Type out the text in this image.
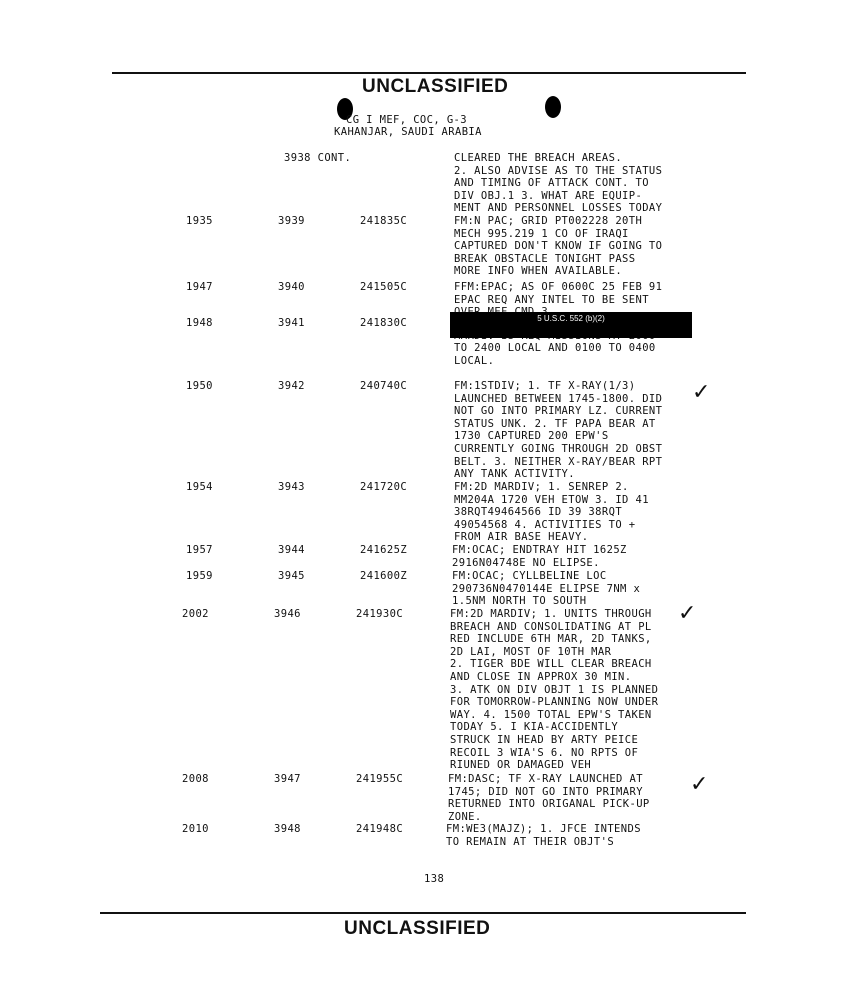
UNCLASSIFIED
CG I MEF, COC, G-3
KAHANJAR, SAUDI ARABIA
3938 CONT.	CLEARED THE BREACH AREAS.
2. ALSO ADVISE AS TO THE STATUS
AND TIMING OF ATTACK CONT. TO
DIV OBJ.1 3. WHAT ARE EQUIP-
MENT AND PERSONNEL LOSSES TODAY
1935	3939	241835C	FM:N PAC; GRID PT002228 20TH
MECH 995.219 1 CO OF IRAQI
CAPTURED DON'T KNOW IF GOING TO
BREAK OBSTACLE TONIGHT PASS
MORE INFO WHEN AVAILABLE.
1947	3940	241505C	FFM:EPAC; AS OF 0600C 25 FEB 91
EPAC REQ ANY INTEL TO BE SENT
1948	3941	241830C
TO 2400 LOCAL AND 0100 TO 0400
LOCAL.
1950	3942	240740C	FM:1STDIV; 1. TF X-RAY(1/3)
LAUNCHED BETWEEN 1745-1800. DID
NOT GO INTO PRIMARY LZ. CURRENT
STATUS UNK. 2. TF PAPA BEAR AT
1730 CAPTURED 200 EPW'S
CURRENTLY GOING THROUGH 2D OBST
BELT. 3. NEITHER X-RAY/BEAR RPT
ANY TANK ACTIVITY.
1954	3943	241720C	FM:2D MARDIV; 1. SENREP 2.
MM204A 1720 VEH ETOW 3. ID 41
38RQT49464566 ID 39 38RQT
49054568 4. ACTIVITIES TO +
FROM AIR BASE HEAVY.
1957	3944	241625Z	FM:OCAC; ENDTRAY HIT 1625Z
2916N04748E NO ELIPSE.
1959	3945	241600Z	FM:OCAC; CYLLBELINE LOC
290736N0470144E ELIPSE 7NM x
1.5NM NORTH TO SOUTH
2002	3946	241930C	FM:2D MARDIV; 1. UNITS THROUGH
BREACH AND CONSOLIDATING AT PL
RED INCLUDE 6TH MAR, 2D TANKS,
2D LAI, MOST OF 10TH MAR
2. TIGER BDE WILL CLEAR BREACH
AND CLOSE IN APPROX 30 MIN.
3. ATK ON DIV OBJT 1 IS PLANNED
FOR TOMORROW-PLANNING NOW UNDER
WAY. 4. 1500 TOTAL EPW'S TAKEN
TODAY 5. I KIA-ACCIDENTLY
STRUCK IN HEAD BY ARTY PEICE
RECOIL 3 WIA'S 6. NO RPTS OF
RIUNED OR DAMAGED VEH
2008	3947	241955C	FM:DASC; TF X-RAY LAUNCHED AT
1745; DID NOT GO INTO PRIMARY
RETURNED INTO ORIGANAL PICK-UP
ZONE.
2010	3948	241948C	FM:WE3(MAJZ); 1. JFCE INTENDS
TO REMAIN AT THEIR OBJT'S
5 U.S.C. 552 (b)(2)
✓
✓
✓
138
UNCLASSIFIED
